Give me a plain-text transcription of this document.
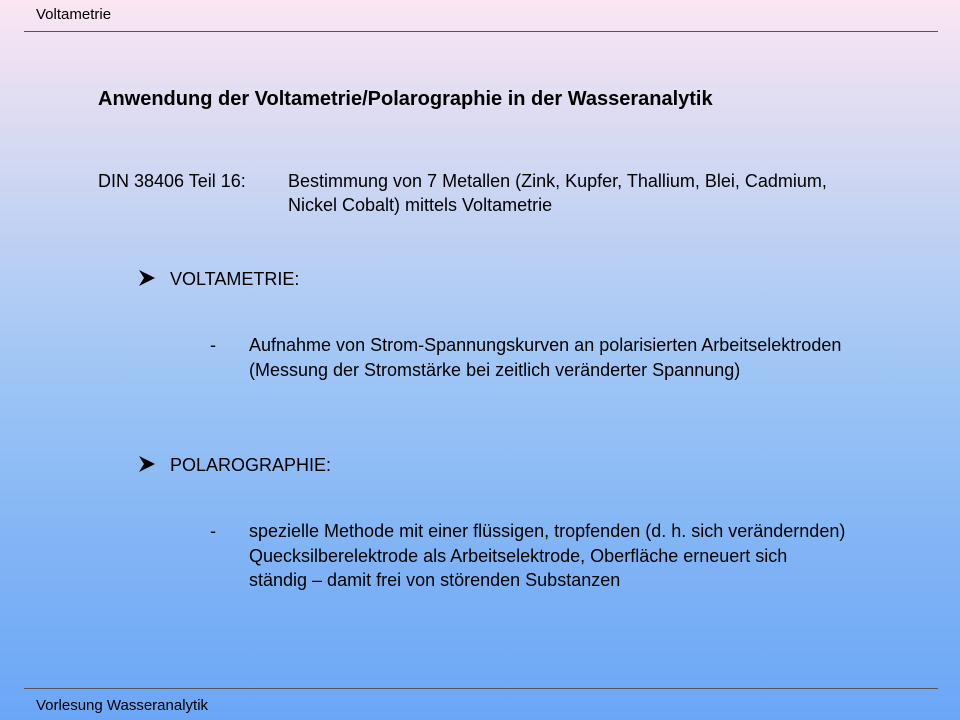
Voltametrie
Anwendung der Voltametrie/Polarographie in der Wasseranalytik
DIN 38406 Teil 16: Bestimmung von 7 Metallen (Zink, Kupfer, Thallium, Blei, Cadmium, Nickel Cobalt) mittels Voltametrie
VOLTAMETRIE:
- Aufnahme von Strom-Spannungskurven an polarisierten Arbeitselektroden (Messung der Stromstärke bei zeitlich veränderter Spannung)
POLAROGRAPHIE:
- spezielle Methode mit einer flüssigen, tropfenden (d. h. sich verändernden) Quecksilberelektrode als Arbeitselektrode, Oberfläche erneuert sich ständig – damit frei von störenden Substanzen
Vorlesung Wasseranalytik
